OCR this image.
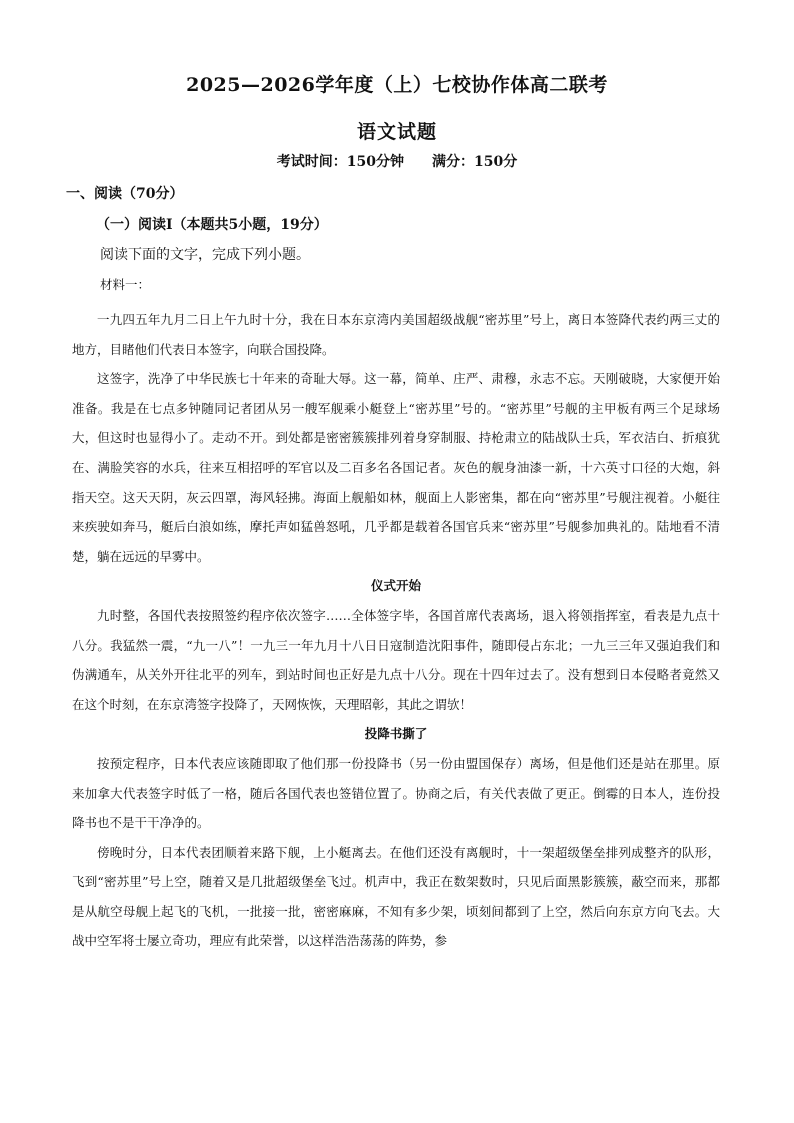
2025—2026学年度（上）七校协作体高二联考
语文试题
考试时间：150分钟 满分：150分
一、阅读（70分）
（一）阅读Ⅰ（本题共5小题，19分）
阅读下面的文字，完成下列小题。
材料一：

一九四五年九月二日上午九时十分，我在日本东京湾内美国超级战舰“密苏里”号上，离日本签降代表约两三丈的地方，目睹他们代表日本签字，向联合国投降。

这签字，洗净了中华民族七十年来的奇耻大辱。这一幕，简单、庄严、肃穆，永志不忘。天刚破晓，大家便开始准备。我是在七点多钟随同记者团从另一艘军舰乘小艇登上“密苏里”号的。“密苏里”号舰的主甲板有两三个足球场大，但这时也显得小了。走动不开。到处都是密密簇簇排列着身穿制服、持枪肃立的陆战队士兵，军衣洁白、折痕犹在、满脸笑容的水兵，往来互相招呼的军官以及二百多名各国记者。灰色的舰身油漆一新，十六英寸口径的大炮，斜指天空。这天天阴，灰云四罩，海风轻拂。海面上舰船如林，舰面上人影密集，都在向“密苏里”号舰注视着。小艇往来疾驶如奔马，艇后白浪如练，摩托声如猛兽怒吼，几乎都是载着各国官兵来“密苏里”号舰参加典礼的。陆地看不清楚，躺在远远的早雾中。

仪式开始

九时整，各国代表按照签约程序依次签字……全体签字毕，各国首席代表离场，退入将领指挥室，看表是九点十八分。我猛然一震，“九一八”！一九三一年九月十八日日寇制造沈阳事件，随即侵占东北；一九三三年又强迫我们和伪满通车，从关外开往北平的列车，到站时间也正好是九点十八分。现在十四年过去了。没有想到日本侵略者竟然又在这个时刻，在东京湾签字投降了，天网恢恢，天理昭彰，其此之谓欤！

投降书撕了

按预定程序，日本代表应该随即取了他们那一份投降书（另一份由盟国保存）离场，但是他们还是站在那里。原来加拿大代表签字时低了一格，随后各国代表也签错位置了。协商之后，有关代表做了更正。倒霉的日本人，连份投降书也不是干干净净的。

傍晚时分，日本代表团顺着来路下舰，上小艇离去。在他们还没有离舰时，十一架超级堡垒排列成整齐的队形，飞到“密苏里”号上空，随着又是几批超级堡垒飞过。机声中，我正在数架数时，只见后面黑影簇簇，蔽空而来，那都是从航空母舰上起飞的飞机，一批接一批，密密麻麻，不知有多少架，顷刻间都到了上空，然后向东京方向飞去。大战中空军将士屡立奇功，理应有此荣誉，以这样浩浩荡荡的阵势，参
